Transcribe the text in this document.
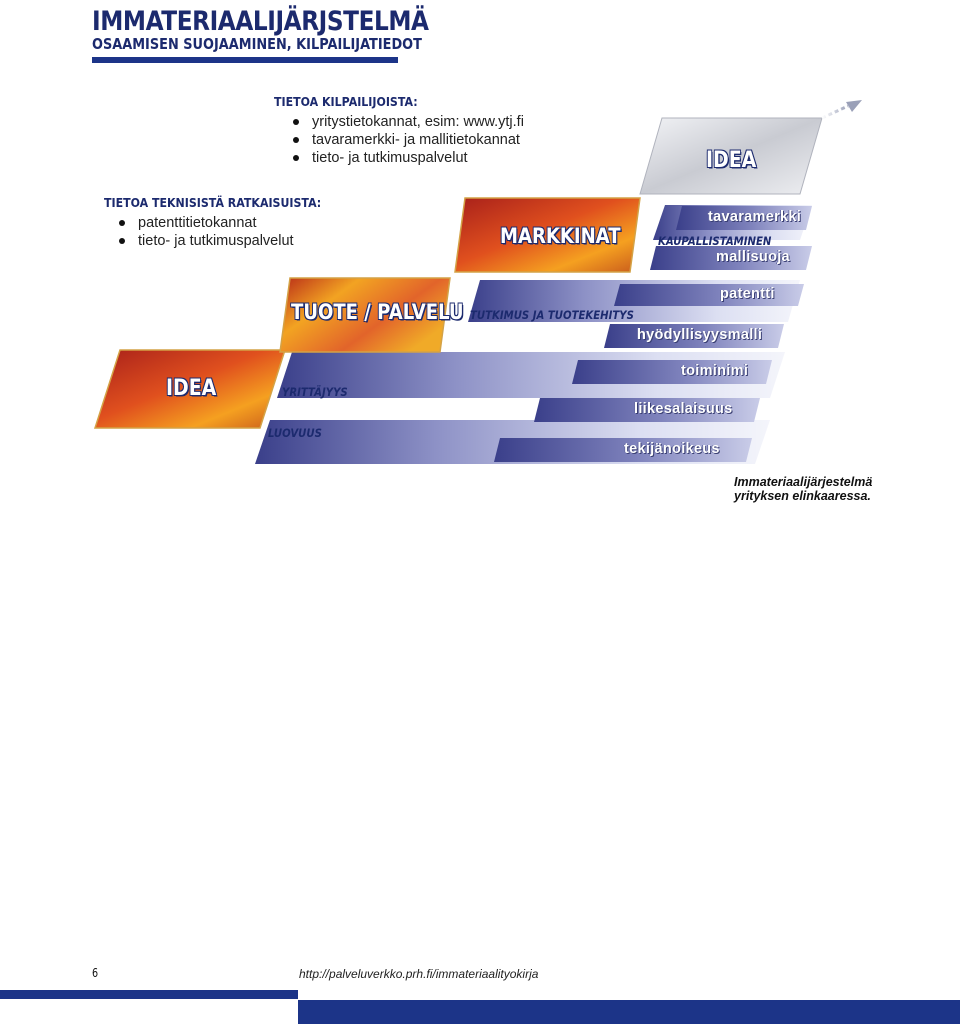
IMMATERIAALIJÄRJSTELMÄ
OSAAMISEN SUOJAAMINEN, KILPAILIJATIEDOT
TIETOA KILPAILIJOISTA:
yritystietokannat, esim: www.ytj.fi
tavaramerkki- ja mallitietokannat
tieto- ja tutkimuspalvelut
TIETOA TEKNISISTÄ RATKAISUISTA:
patenttitietokannat
tieto- ja tutkimuspalvelut
IDEA
TUOTE / PALVELU
MARKKINAT
IDEA
LUOVUUS
YRITTÄJYYS
TUTKIMUS JA TUOTEKEHITYS
KAUPALLISTAMINEN
tavaramerkki
mallisuoja
patentti
hyödyllisyysmalli
toiminimi
liikesalaisuus
tekijänoikeus
Immateriaalijärjestelmä
yrityksen elinkaaressa.
6	http://palveluverkko.prh.fi/immateriaalityokirja
